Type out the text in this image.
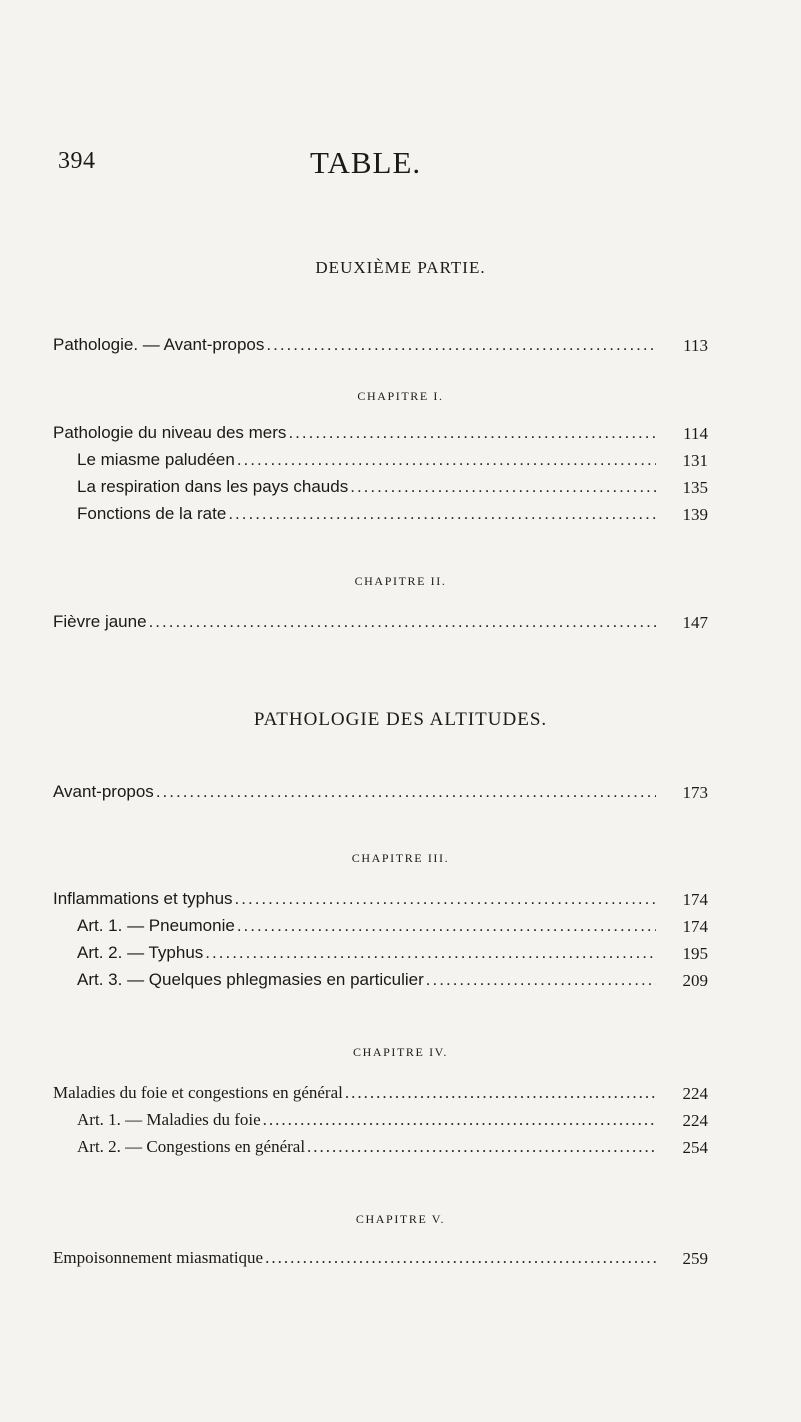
394	TABLE.
DEUXIÈME PARTIE.
Pathologie. — Avant-propos .....	113
CHAPITRE I.
Pathologie du niveau des mers .....	114
Le miasme paludéen .....	131
La respiration dans les pays chauds .....	135
Fonctions de la rate .....	139
CHAPITRE II.
Fièvre jaune .....	147
PATHOLOGIE DES ALTITUDES.
Avant-propos .....	173
CHAPITRE III.
Inflammations et typhus .....	174
Art. 1. — Pneumonie .....	174
Art. 2. — Typhus .....	195
Art. 3. — Quelques phlegmasies en particulier .....	209
CHAPITRE IV.
Maladies du foie et congestions en général .....	224
Art. 1. — Maladies du foie .....	224
Art. 2. — Congestions en général .....	254
CHAPITRE V.
Empoisonnement miasmatique .....	259
